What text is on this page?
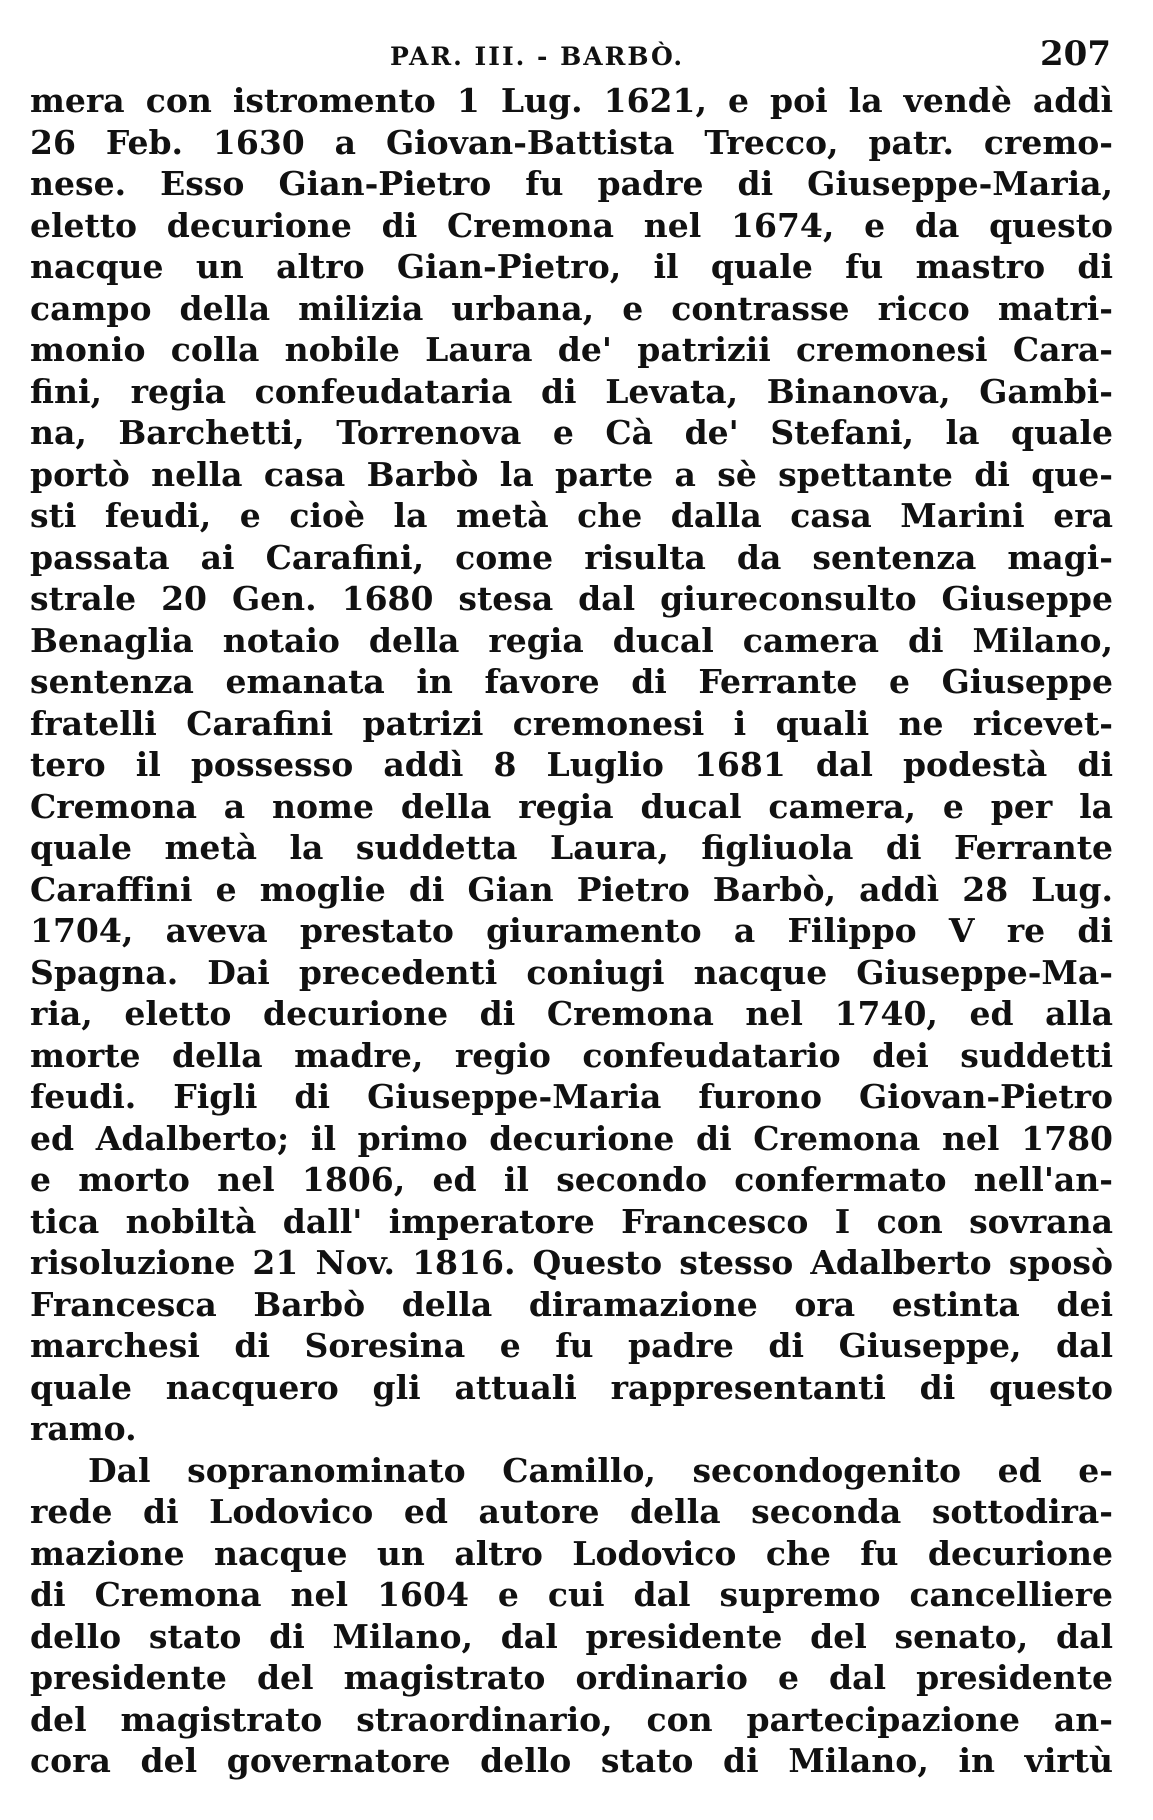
PAR. III. - BARBÒ.	207
mera con istromento 1 Lug. 1621, e poi la vendè addì
26 Feb. 1630 a Giovan-Battista Trecco, patr. cremo-
nese. Esso Gian-Pietro fu padre di Giuseppe-Maria,
eletto decurione di Cremona nel 1674, e da questo
nacque un altro Gian-Pietro, il quale fu mastro di
campo della milizia urbana, e contrasse ricco matri-
monio colla nobile Laura de' patrizii cremonesi Cara-
fini, regia confeudataria di Levata, Binanova, Gambi-
na, Barchetti, Torrenova e Cà de' Stefani, la quale
portò nella casa Barbò la parte a sè spettante di que-
sti feudi, e cioè la metà che dalla casa Marini era
passata ai Carafini, come risulta da sentenza magi-
strale 20 Gen. 1680 stesa dal giureconsulto Giuseppe
Benaglia notaio della regia ducal camera di Milano,
sentenza emanata in favore di Ferrante e Giuseppe
fratelli Carafini patrizi cremonesi i quali ne ricevet-
tero il possesso addì 8 Luglio 1681 dal podestà di
Cremona a nome della regia ducal camera, e per la
quale metà la suddetta Laura, figliuola di Ferrante
Caraffini e moglie di Gian Pietro Barbò, addì 28 Lug.
1704, aveva prestato giuramento a Filippo V re di
Spagna. Dai precedenti coniugi nacque Giuseppe-Ma-
ria, eletto decurione di Cremona nel 1740, ed alla
morte della madre, regio confeudatario dei suddetti
feudi. Figli di Giuseppe-Maria furono Giovan-Pietro
ed Adalberto; il primo decurione di Cremona nel 1780
e morto nel 1806, ed il secondo confermato nell'an-
tica nobiltà dall' imperatore Francesco I con sovrana
risoluzione 21 Nov. 1816. Questo stesso Adalberto sposò
Francesca Barbò della diramazione ora estinta dei
marchesi di Soresina e fu padre di Giuseppe, dal
quale nacquero gli attuali rappresentanti di questo
ramo.
Dal sopranominato Camillo, secondogenito ed e-
rede di Lodovico ed autore della seconda sottodira-
mazione nacque un altro Lodovico che fu decurione
di Cremona nel 1604 e cui dal supremo cancelliere
dello stato di Milano, dal presidente del senato, dal
presidente del magistrato ordinario e dal presidente
del magistrato straordinario, con partecipazione an-
cora del governatore dello stato di Milano, in virtù
